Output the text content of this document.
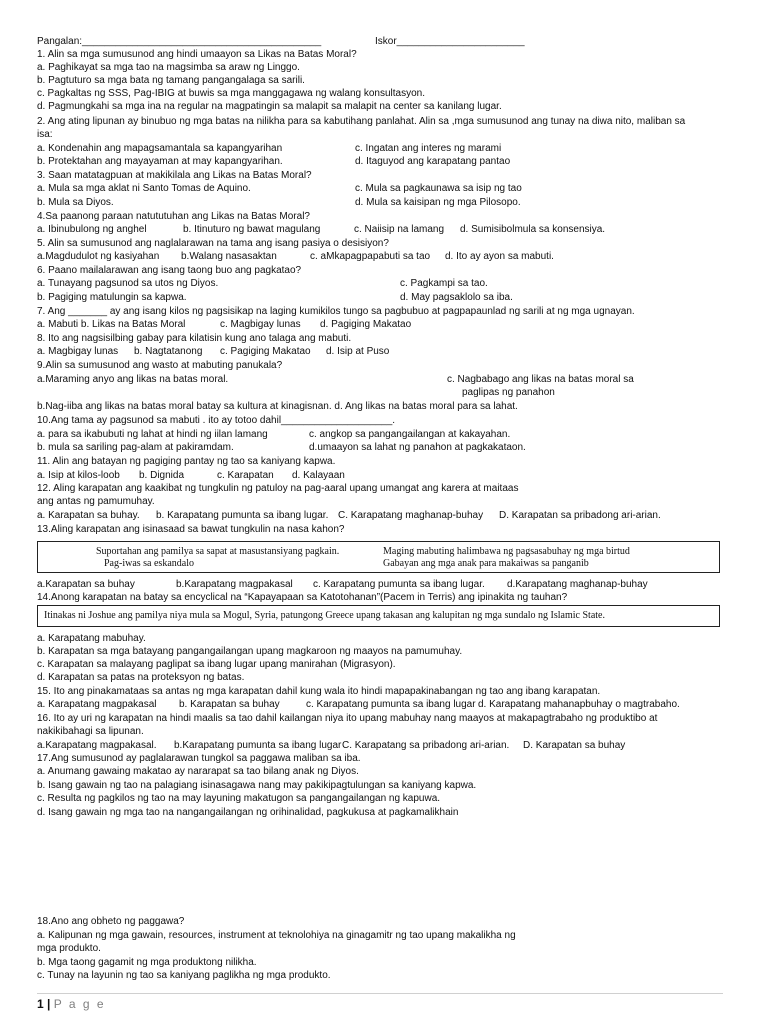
Pangalan:___________________________________________	Iskor_______________________
1. Alin sa mga sumusunod ang hindi umaayon sa Likas na Batas Moral?
a. Paghikayat sa mga tao na magsimba sa araw ng Linggo.
b. Pagtuturo sa mga bata ng tamang pangangalaga sa sarili.
c. Pagkaltas ng SSS, Pag-IBIG at buwis sa mga manggagawa ng walang konsultasyon.
d. Pagmungkahi sa mga ina na regular na magpatingin sa malapit sa malapit na center sa kanilang lugar.
2. Ang ating lipunan ay binubuo ng mga batas na nilikha para sa kabutihang panlahat. Alin sa ,mga sumusunod ang tunay na diwa nito, maliban sa
isa:
a. Kondenahin ang mapagsamantala sa kapangyarihan	c. Ingatan ang interes ng marami
b. Protektahan ang mayayaman at may kapangyarihan.	d. Itaguyod ang karapatang pantao
3. Saan matatagpuan at makikilala ang Likas na Batas Moral?
a. Mula sa mga aklat ni Santo Tomas de Aquino.	c. Mula sa pagkaunawa sa isip ng tao
b. Mula sa Diyos.	d. Mula sa kaisipan ng mga Pilosopo.
4.Sa paanong paraan natututuhan ang Likas na Batas Moral?
a. Ibinubulong ng anghel	b. Itinuturo ng bawat magulang	c. Naiisip na lamang d. Sumisibolmula sa konsensiya.
5. Alin sa sumusunod ang naglalarawan na tama ang isang pasiya o desisiyon?
a.Magdudulot ng kasiyahan b.Walang nasasaktan	c. aMkapagpapabuti sa tao d. Ito ay ayon sa mabuti.
6. Paano mailalarawan ang isang taong buo ang pagkatao?
a. Tunayang pagsunod sa utos ng Diyos.	c. Pagkampi sa tao.
b. Pagiging matulungin sa kapwa.	d. May pagsaklolo sa iba.
7. Ang _______ ay ang isang kilos ng pagsisikap na laging kumikilos tungo sa pagbubuo at pagpapaunlad ng sarili at ng mga ugnayan.
a. Mabuti b. Likas na Batas Moral	c. Magbigay lunas d. Pagiging Makatao
8. Ito ang nagsisilbing gabay para kilatisin kung ano talaga ang mabuti.
a. Magbigay lunas b. Nagtatanong c. Pagiging Makatao d. Isip at Puso
9.Alin sa sumusunod ang wasto at mabuting panukala?
a.Maraming anyo ang likas na batas moral.	c. Nagbabago ang likas na batas moral sa
paglipas ng panahon
b.Nag-iiba ang likas na batas moral batay sa kultura at kinagisnan. d. Ang likas na batas moral para sa lahat.
10.Ang tama ay pagsunod sa mabuti . ito ay totoo dahil____________________.
a. para sa ikabubuti ng lahat at hindi ng iilan lamang	c. angkop sa pangangailangan at kakayahan.
b. mula sa sariling pag-alam at pakiramdam.	d.umaayon sa lahat ng panahon at pagkakataon.
11. Alin ang batayan ng pagiging pantay ng tao sa kaniyang kapwa.
a. Isip at kilos-loob b. Dignida	c. Karapatan d. Kalayaan
12. Aling karapatan ang kaakibat ng tungkulin ng patuloy na pag-aaral upang umangat ang karera at maitaas
ang antas ng pamumuhay.
a. Karapatan sa buhay. b. Karapatang pumunta sa ibang lugar. C. Karapatang maghanap-buhay D. Karapatan sa pribadong ari-arian.
13.Aling karapatan ang isinasaad sa bawat tungkulin na nasa kahon?
Suportahan ang pamilya sa sapat at masustansiyang pagkain.	Maging mabuting halimbawa ng pagsasabuhay ng mga birtud
Pag-iwas sa eskandalo	Gabayan ang mga anak para makaiwas sa panganib
a.Karapatan sa buhay	b.Karapatang magpakasal c. Karapatang pumunta sa ibang lugar. d.Karapatang maghanap-buhay
14.Anong karapatan na batay sa encyclical na “Kapayapaan sa Katotohanan”(Pacem in Terris) ang ipinakita ng tauhan?
Itinakas ni Joshue ang pamilya niya mula sa Mogul, Syria, patungong Greece upang takasan ang kalupitan ng mga sundalo ng Islamic State.
a. Karapatang mabuhay.
b. Karapatan sa mga batayang pangangailangan upang magkaroon ng maayos na pamumuhay.
c. Karapatan sa malayang paglipat sa ibang lugar upang manirahan (Migrasyon).
d. Karapatan sa patas na proteksyon ng batas.
15. Ito ang pinakamataas sa antas ng mga karapatan dahil kung wala ito hindi mapapakinabangan ng tao ang ibang karapatan.
a. Karapatang magpakasal b. Karapatan sa buhay	c. Karapatang pumunta sa ibang lugar d. Karapatang mahanapbuhay o magtrabaho.
16. Ito ay uri ng karapatan na hindi maalis sa tao dahil kailangan niya ito upang mabuhay nang maayos at makapagtrabaho ng produktibo at
nakikibahagi sa lipunan.
a.Karapatang magpakasal. b.Karapatang pumunta sa ibang lugar C. Karapatang sa pribadong ari-arian. D. Karapatan sa buhay
17.Ang sumusunod ay paglalarawan tungkol sa paggawa maliban sa iba.
a. Anumang gawaing makatao ay nararapat sa tao bilang anak ng Diyos.
b. Isang gawain ng tao na palagiang isinasagawa nang may pakikipagtulungan sa kaniyang kapwa.
c. Resulta ng pagkilos ng tao na may layuning makatugon sa pangangailangan ng kapuwa.
d. Isang gawain ng mga tao na nangangailangan ng orihinalidad, pagkukusa at pagkamalikhain
18.Ano ang obheto ng paggawa?
a. Kalipunan ng mga gawain, resources, instrument at teknolohiya na ginagamitr ng tao upang makalikha ng
mga produkto.
b. Mga taong gagamit ng mga produktong nilikha.
c. Tunay na layunin ng tao sa kaniyang paglikha ng mga produkto.
1 | P a g e
